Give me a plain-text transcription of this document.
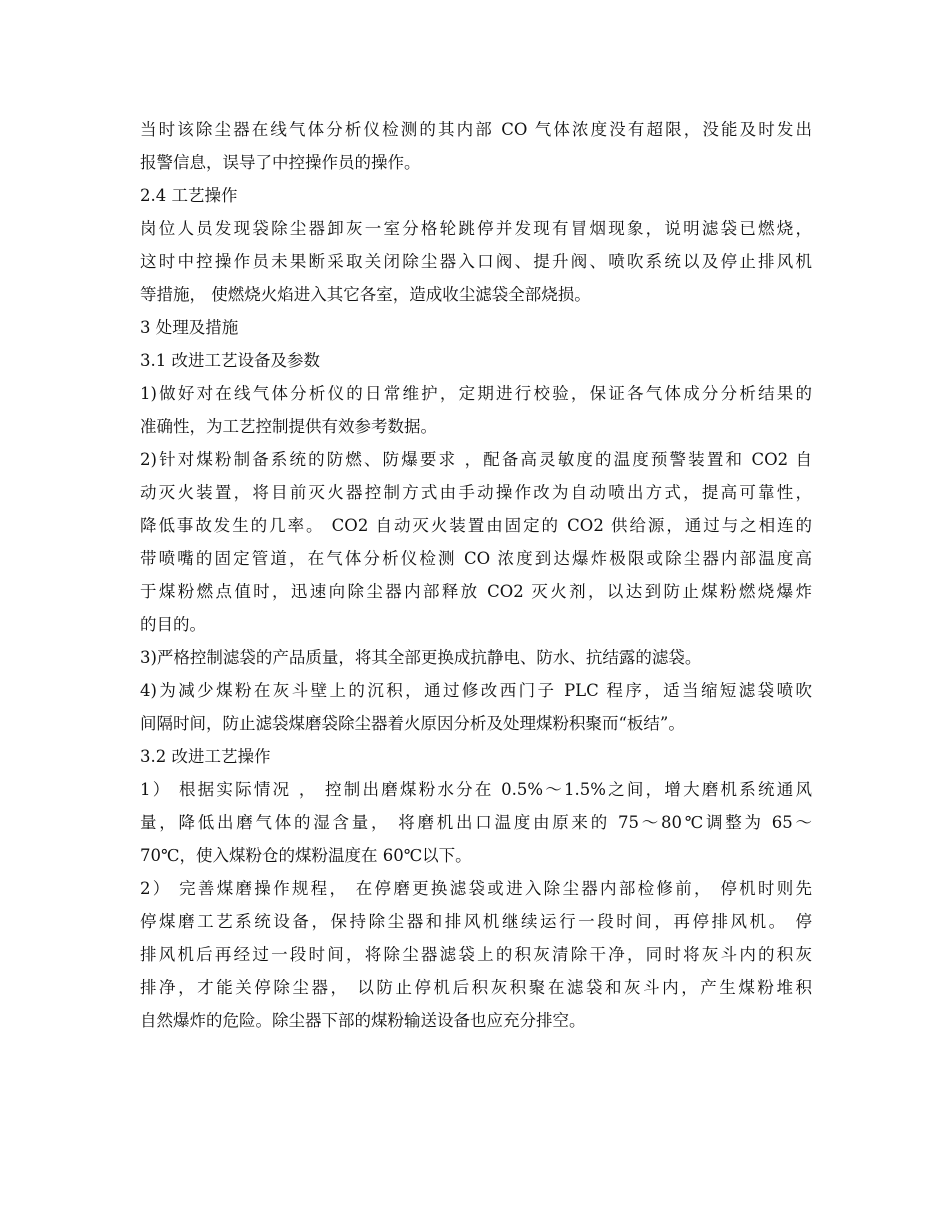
当时该除尘器在线气体分析仪检测的其内部 CO 气体浓度没有超限，没能及时发出
报警信息，误导了中控操作员的操作。
2.4 工艺操作
岗位人员发现袋除尘器卸灰一室分格轮跳停并发现有冒烟现象，说明滤袋已燃烧，
这时中控操作员未果断采取关闭除尘器入口阀、提升阀、喷吹系统以及停止排风机
等措施， 使燃烧火焰进入其它各室，造成收尘滤袋全部烧损。
3 处理及措施
3.1 改进工艺设备及参数
1)做好对在线气体分析仪的日常维护，定期进行校验，保证各气体成分分析结果的
准确性，为工艺控制提供有效参考数据。
2)针对煤粉制备系统的防燃、防爆要求 ，配备高灵敏度的温度预警装置和 CO2 自
动灭火装置，将目前灭火器控制方式由手动操作改为自动喷出方式，提高可靠性，
降低事故发生的几率。 CO2 自动灭火装置由固定的 CO2 供给源，通过与之相连的
带喷嘴的固定管道，在气体分析仪检测 CO 浓度到达爆炸极限或除尘器内部温度高
于煤粉燃点值时，迅速向除尘器内部释放 CO2 灭火剂，以达到防止煤粉燃烧爆炸
的目的。
3)严格控制滤袋的产品质量，将其全部更换成抗静电、防水、抗结露的滤袋。
4)为减少煤粉在灰斗壁上的沉积，通过修改西门子 PLC 程序，适当缩短滤袋喷吹
间隔时间，防止滤袋煤磨袋除尘器着火原因分析及处理煤粉积聚而“板结”。
3.2 改进工艺操作
1） 根据实际情况 ， 控制出磨煤粉水分在 0.5%～1.5%之间，增大磨机系统通风
量，降低出磨气体的湿含量， 将磨机出口温度由原来的 75～80℃调整为 65～
70℃，使入煤粉仓的煤粉温度在 60℃以下。
2） 完善煤磨操作规程， 在停磨更换滤袋或进入除尘器内部检修前， 停机时则先
停煤磨工艺系统设备，保持除尘器和排风机继续运行一段时间，再停排风机。 停
排风机后再经过一段时间，将除尘器滤袋上的积灰清除干净，同时将灰斗内的积灰
排净，才能关停除尘器， 以防止停机后积灰积聚在滤袋和灰斗内，产生煤粉堆积
自然爆炸的危险。除尘器下部的煤粉输送设备也应充分排空。
